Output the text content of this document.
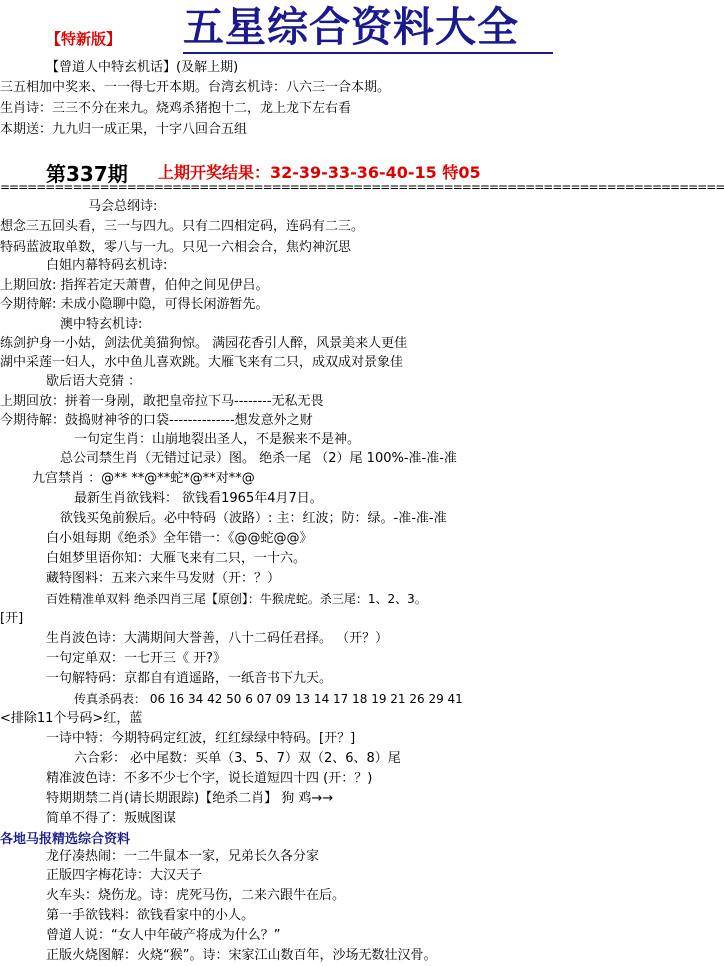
【特新版】 五星综合资料大全
【曾道人中特玄机话】(及解上期)
三五相加中奖来、一一得七开本期。台湾玄机诗：八六三一合本期。
生肖诗：三三不分在来九。烧鸡杀猪抱十二，龙上龙下左右看
本期送：九九归一成正果，十字八回合五组
第337期 上期开奖结果：32-39-33-36-40-15 特05
================================================================================
马会总纲诗:
想念三五回头看，三一与四九。只有二四相定码，连码有二三。
特码蓝波取单数，零八与一九。只见一六相会合，焦灼神沉思
白姐内幕特码玄机诗:
上期回放: 指挥若定天萧曹，伯仲之间见伊吕。
今期待解: 未成小隐聊中隐，可得长闲游暂先。
澳中特玄机诗:
练剑护身一小姑，剑法优美猫狗惊。 满园花香引人醉，风景美来人更佳
湖中采莲一妇人，水中鱼儿喜欢跳。大雁飞来有二只，成双成对景象佳
歇后语大竞猜 ：
上期回放：拼着一身剐，敢把皇帝拉下马--------无私无畏
今期待解：鼓捣财神爷的口袋--------------想发意外之财
一句定生肖：山崩地裂出圣人，不是猴来不是神。
总公司禁生肖（无错过记录）图。 绝杀一尾 （2）尾 100%-准-准-准
九宫禁肖 ：@** **@**蛇*@**对**@
最新生肖欲钱料： 欲钱看1965年4月7日。
欲钱买兔前猴后。必中特码（波路）: 主：红波；防：绿。-准-准-准
白小姐每期《绝杀》全年错一：《@@蛇@@》
白姐梦里语你知：大雁飞来有二只，一十六。
藏特图料：五来六来牛马发财（开：？）
百姓精准单双料 绝杀四肖三尾【原创】：牛猴虎蛇。杀三尾：1、2、3。
[开]
生肖波色诗：大满期间大誉善，八十二码任君择。 （开？）
一句定单双：一七开三《 开?》
一句解特码：京都自有逍遥路，一纸音书下九天。
传真杀码表： 06 16 34 42 50 6 07 09 13 14 17 18 19 21 26 29 41
<排除11个号码>红，蓝
一诗中特：今期特码定红波，红红绿绿中特码。[开？]
六合彩： 必中尾数：买单（3、5、7）双（2、6、8）尾
精准波色诗：不多不少七个字，说长道短四十四 (开：？)
特期期禁二肖(请长期跟踪)【绝杀二肖】 狗 鸡→→
简单不得了：叛贼图谋
各地马报精选综合资料
龙仔凑热闹：一二牛鼠本一家，兄弟长久各分家
正版四字梅花诗：大汉天子
火车头：烧伤龙。诗：虎死马伤，二来六跟牛在后。
第一手欲钱料：欲钱看家中的小人。
曾道人说：“女人中年破产将成为什么？”
正版火烧图解：火烧“猴”。诗：宋家江山数百年，沙场无数壮汉骨。
